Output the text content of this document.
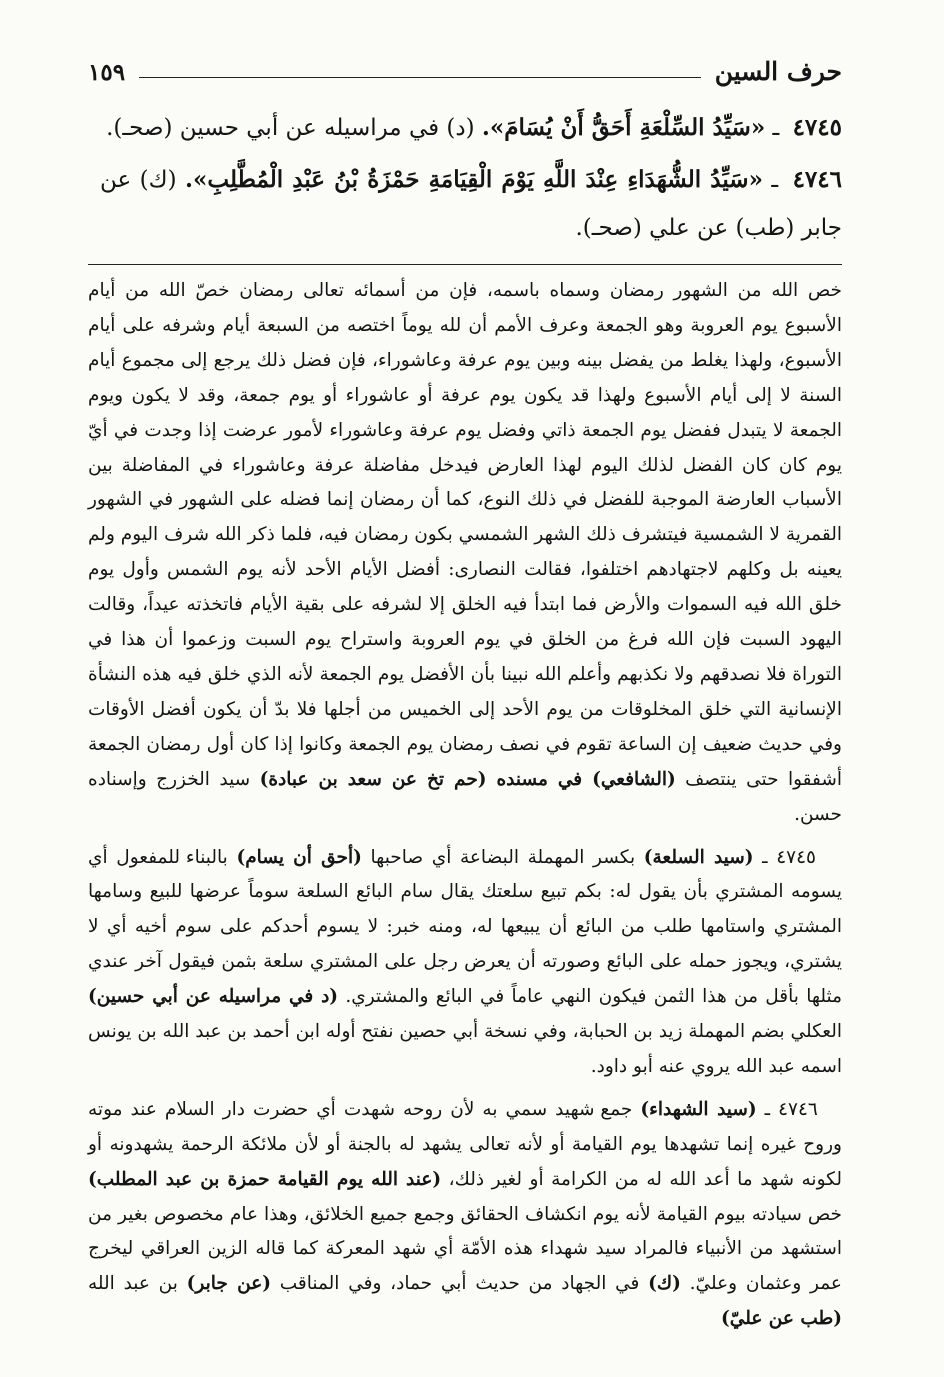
حرف السين
١٥٩

٤٧٤٥ ـ «سَيِّدُ السِّلْعَةِ أَحَقُّ أَنْ يُسَامَ». (د) في مراسيله عن أبي حسين (صحـ).

٤٧٤٦ ـ «سَيِّدُ الشُّهَدَاءِ عِنْدَ اللَّهِ يَوْمَ الْقِيَامَةِ حَمْزَةُ بْنُ عَبْدِ الْمُطَّلِبِ». (ك) عن جابر (طب) عن علي (صحـ).

خص الله من الشهور رمضان وسماه باسمه، فإن من أسمائه تعالى رمضان خصّ الله من أيام الأسبوع يوم العروبة وهو الجمعة وعرف الأمم أن لله يوماً اختصه من السبعة أيام وشرفه على أيام الأسبوع، ولهذا يغلط من يفضل بينه وبين يوم عرفة وعاشوراء، فإن فضل ذلك يرجع إلى مجموع أيام السنة لا إلى أيام الأسبوع ولهذا قد يكون يوم عرفة أو عاشوراء أو يوم جمعة، وقد لا يكون ويوم الجمعة لا يتبدل ففضل يوم الجمعة ذاتي وفضل يوم عرفة وعاشوراء لأمور عرضت إذا وجدت في أيّ يوم كان كان الفضل لذلك اليوم لهذا العارض فيدخل مفاضلة عرفة وعاشوراء في المفاضلة بين الأسباب العارضة الموجبة للفضل في ذلك النوع، كما أن رمضان إنما فضله على الشهور في الشهور القمرية لا الشمسية فيتشرف ذلك الشهر الشمسي بكون رمضان فيه، فلما ذكر الله شرف اليوم ولم يعينه بل وكلهم لاجتهادهم اختلفوا، فقالت النصارى: أفضل الأيام الأحد لأنه يوم الشمس وأول يوم خلق الله فيه السموات والأرض فما ابتدأ فيه الخلق إلا لشرفه على بقية الأيام فاتخذته عيداً، وقالت اليهود السبت فإن الله فرغ من الخلق في يوم العروبة واستراح يوم السبت وزعموا أن هذا في التوراة فلا نصدقهم ولا نكذبهم وأعلم الله نبينا بأن الأفضل يوم الجمعة لأنه الذي خلق فيه هذه النشأة الإنسانية التي خلق المخلوقات من يوم الأحد إلى الخميس من أجلها فلا بدّ أن يكون أفضل الأوقات وفي حديث ضعيف إن الساعة تقوم في نصف رمضان يوم الجمعة وكانوا إذا كان أول رمضان الجمعة أشفقوا حتى ينتصف (الشافعي) في مسنده (حم تخ عن سعد بن عبادة) سيد الخزرج وإسناده حسن.

٤٧٤٥ ـ (سيد السلعة) بكسر المهملة البضاعة أي صاحبها (أحق أن يسام) بالبناء للمفعول أي يسومه المشتري بأن يقول له: بكم تبيع سلعتك يقال سام البائع السلعة سوماً عرضها للبيع وسامها المشتري واستامها طلب من البائع أن يبيعها له، ومنه خبر: لا يسوم أحدكم على سوم أخيه أي لا يشتري، ويجوز حمله على البائع وصورته أن يعرض رجل على المشتري سلعة بثمن فيقول آخر عندي مثلها بأقل من هذا الثمن فيكون النهي عاماً في البائع والمشتري. (د في مراسيله عن أبي حسين) العكلي بضم المهملة زيد بن الحبابة، وفي نسخة أبي حصين نفتح أوله ابن أحمد بن عبد الله بن يونس اسمه عبد الله يروي عنه أبو داود.

٤٧٤٦ ـ (سيد الشهداء) جمع شهيد سمي به لأن روحه شهدت أي حضرت دار السلام عند موته وروح غيره إنما تشهدها يوم القيامة أو لأنه تعالى يشهد له بالجنة أو لأن ملائكة الرحمة يشهدونه أو لكونه شهد ما أعد الله له من الكرامة أو لغير ذلك، (عند الله يوم القيامة حمزة بن عبد المطلب) خص سيادته بيوم القيامة لأنه يوم انكشاف الحقائق وجمع جميع الخلائق، وهذا عام مخصوص بغير من استشهد من الأنبياء فالمراد سيد شهداء هذه الأمّة أي شهد المعركة كما قاله الزين العراقي ليخرج عمر وعثمان وعليّ. (ك) في الجهاد من حديث أبي حماد، وفي المناقب (عن جابر) بن عبد الله (طب عن عليّ)
